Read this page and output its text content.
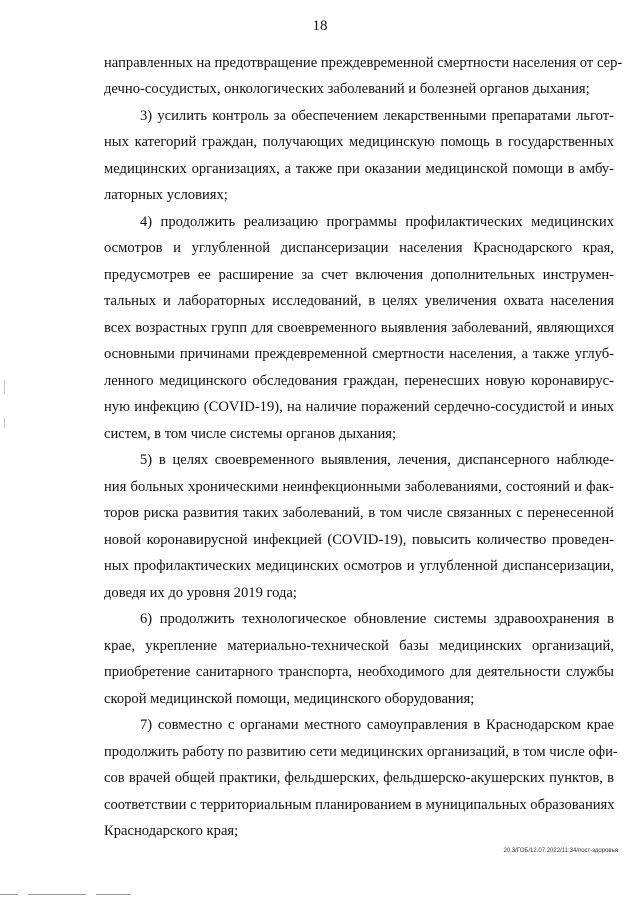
18
направленных на предотвращение преждевременной смертности населения от сер-
дечно-сосудистых, онкологических заболеваний и болезней органов дыхания;
3) усилить контроль за обеспечением лекарственными препаратами льгот-
ных категорий граждан, получающих медицинскую помощь в государственных
медицинских организациях, а также при оказании медицинской помощи в амбу-
латорных условиях;
4) продолжить реализацию программы профилактических медицинских
осмотров и углубленной диспансеризации населения Краснодарского края,
предусмотрев ее расширение за счет включения дополнительных инструмен-
тальных и лабораторных исследований, в целях увеличения охвата населения
всех возрастных групп для своевременного выявления заболеваний, являющихся
основными причинами преждевременной смертности населения, а также углуб-
ленного медицинского обследования граждан, перенесших новую коронавирус-
ную инфекцию (COVID-19), на наличие поражений сердечно-сосудистой и иных
систем, в том числе системы органов дыхания;
5) в целях своевременного выявления, лечения, диспансерного наблюде-
ния больных хроническими неинфекционными заболеваниями, состояний и фак-
торов риска развития таких заболеваний, в том числе связанных с перенесенной
новой коронавирусной инфекцией (COVID-19), повысить количество проведен-
ных профилактических медицинских осмотров и углубленной диспансеризации,
доведя их до уровня 2019 года;
6) продолжить технологическое обновление системы здравоохранения в
крае, укрепление материально-технической базы медицинских организаций,
приобретение санитарного транспорта, необходимого для деятельности службы
скорой медицинской помощи, медицинского оборудования;
7) совместно с органами местного самоуправления в Краснодарском крае
продолжить работу по развитию сети медицинских организаций, в том числе офи-
сов врачей общей практики, фельдшерских, фельдшерско-акушерских пунктов, в
соответствии с территориальным планированием в муниципальных образованиях
Краснодарского края;
20.3/ГОБ/12.07.2022/11:34/пост-здоровья
